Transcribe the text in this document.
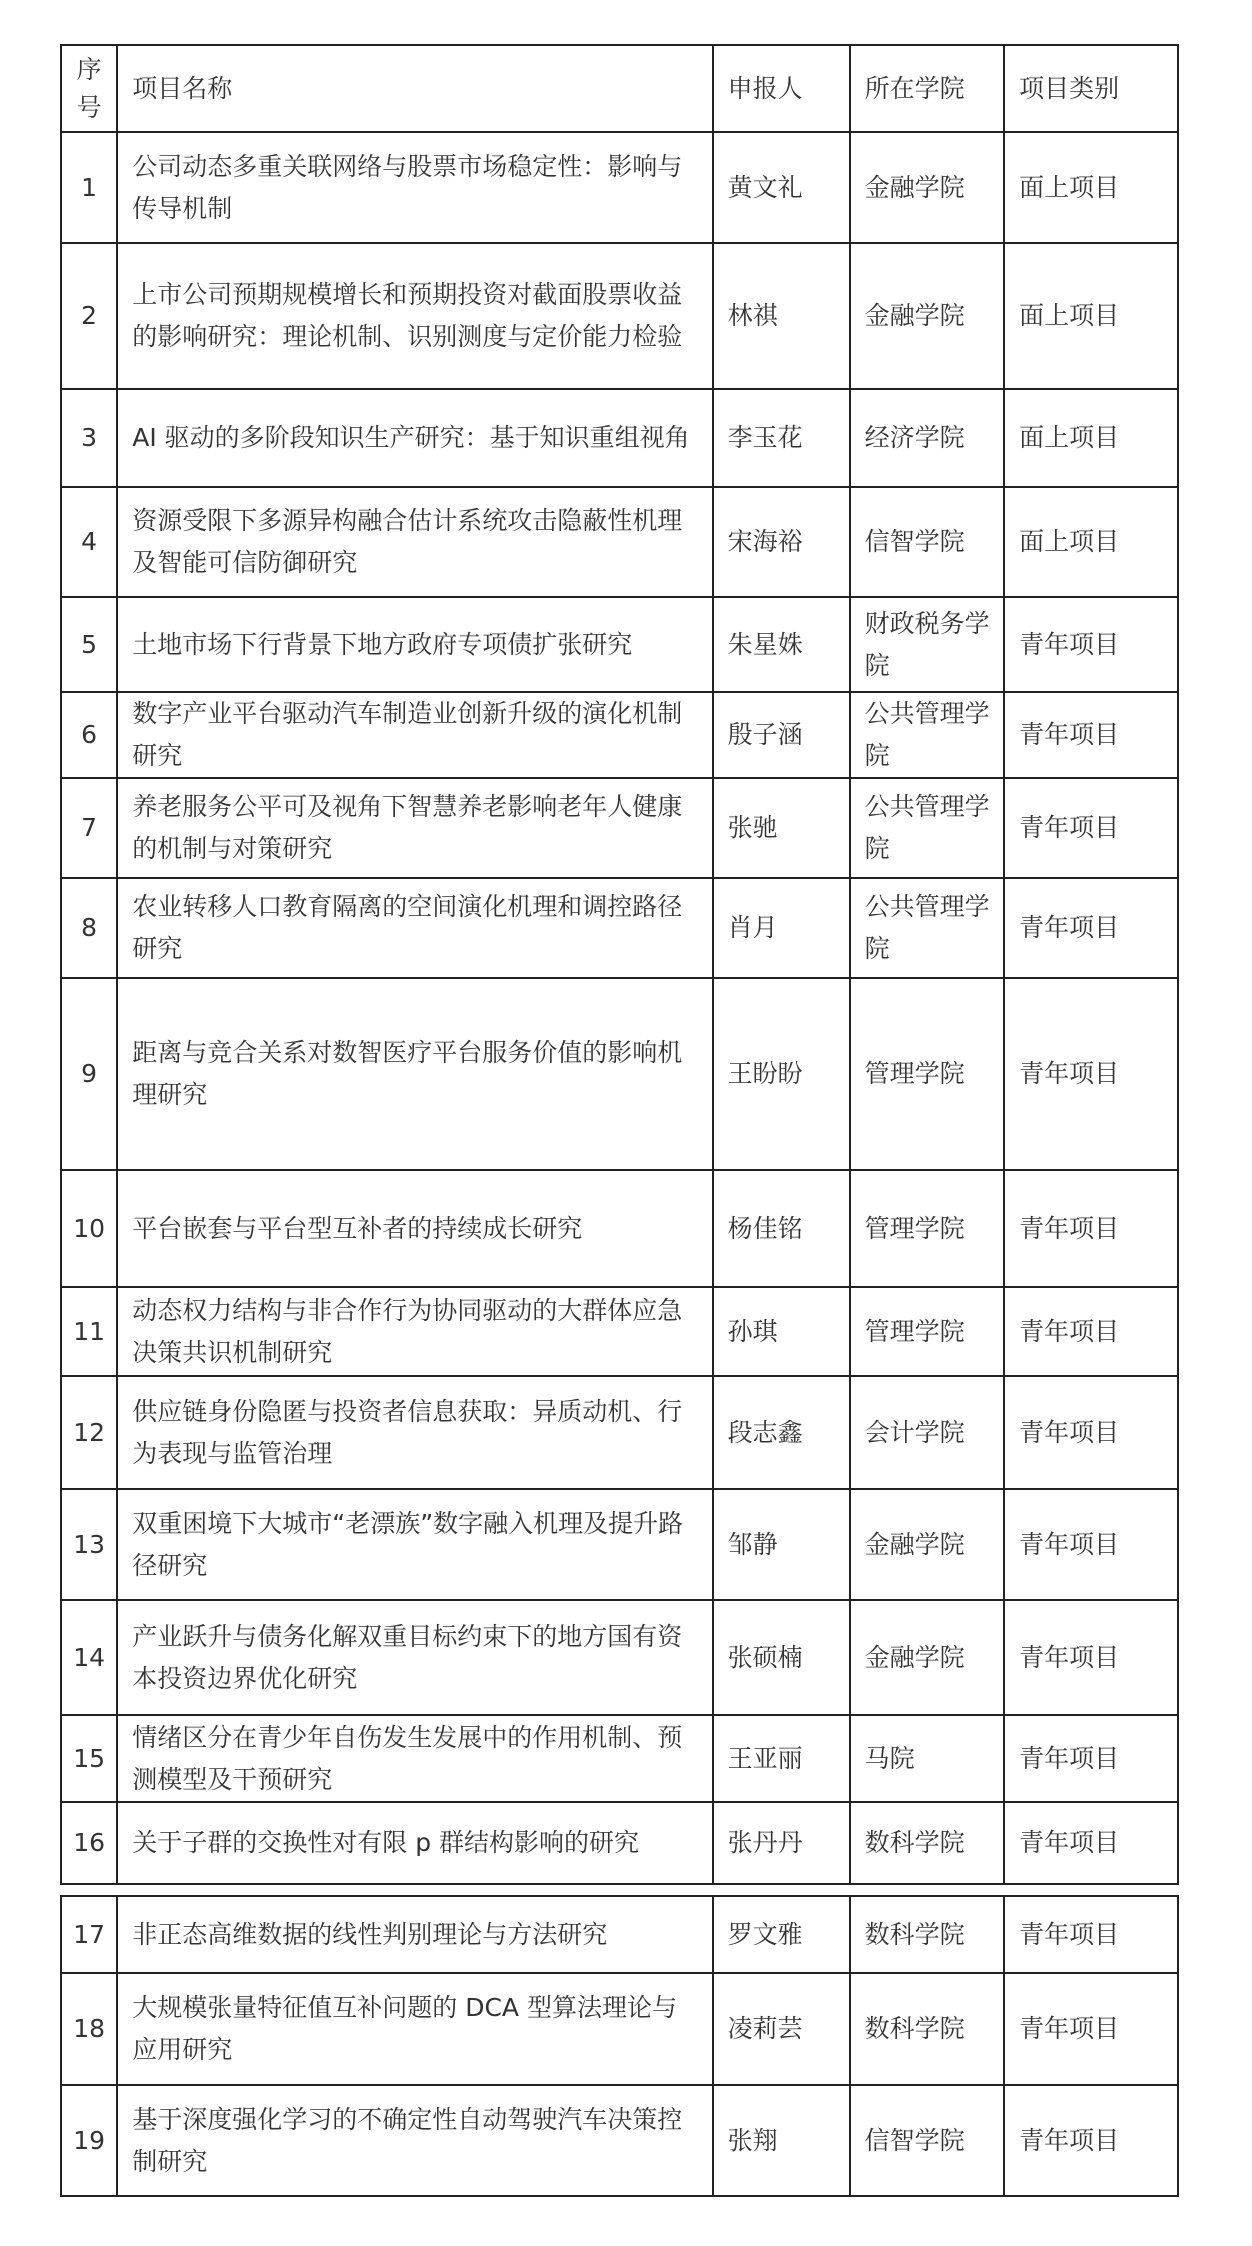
序号	项目名称	申报人	所在学院	项目类别
1	公司动态多重关联网络与股票市场稳定性：影响与传导机制	黄文礼	金融学院	面上项目
2	上市公司预期规模增长和预期投资对截面股票收益的影响研究：理论机制、识别测度与定价能力检验	林祺	金融学院	面上项目
3	AI 驱动的多阶段知识生产研究：基于知识重组视角	李玉花	经济学院	面上项目
4	资源受限下多源异构融合估计系统攻击隐蔽性机理及智能可信防御研究	宋海裕	信智学院	面上项目
5	土地市场下行背景下地方政府专项债扩张研究	朱星姝	财政税务学院	青年项目
6	数字产业平台驱动汽车制造业创新升级的演化机制研究	殷子涵	公共管理学院	青年项目
7	养老服务公平可及视角下智慧养老影响老年人健康的机制与对策研究	张驰	公共管理学院	青年项目
8	农业转移人口教育隔离的空间演化机理和调控路径研究	肖月	公共管理学院	青年项目
9	距离与竞合关系对数智医疗平台服务价值的影响机理研究	王盼盼	管理学院	青年项目
10	平台嵌套与平台型互补者的持续成长研究	杨佳铭	管理学院	青年项目
11	动态权力结构与非合作行为协同驱动的大群体应急决策共识机制研究	孙琪	管理学院	青年项目
12	供应链身份隐匿与投资者信息获取：异质动机、行为表现与监管治理	段志鑫	会计学院	青年项目
13	双重困境下大城市“老漂族”数字融入机理及提升路径研究	邹静	金融学院	青年项目
14	产业跃升与债务化解双重目标约束下的地方国有资本投资边界优化研究	张硕楠	金融学院	青年项目
15	情绪区分在青少年自伤发生发展中的作用机制、预测模型及干预研究	王亚丽	马院	青年项目
16	关于子群的交换性对有限 p 群结构影响的研究	张丹丹	数科学院	青年项目
17	非正态高维数据的线性判别理论与方法研究	罗文雅	数科学院	青年项目
18	大规模张量特征值互补问题的 DCA 型算法理论与应用研究	凌莉芸	数科学院	青年项目
19	基于深度强化学习的不确定性自动驾驶汽车决策控制研究	张翔	信智学院	青年项目
